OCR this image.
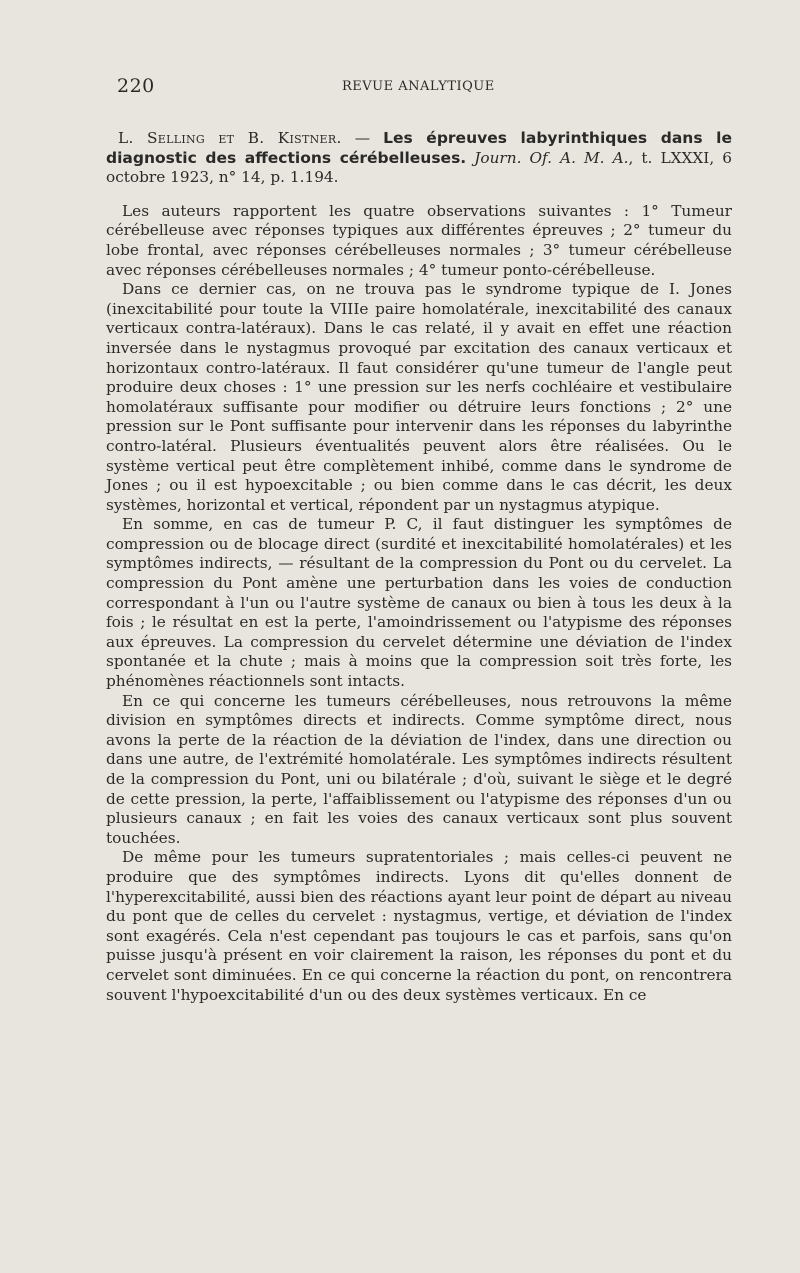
220	REVUE ANALYTIQUE

L. Selling et B. Kistner. — Les épreuves labyrinthiques dans le diagnostic des affections cérébelleuses. Journ. Of. A. M. A., t. LXXXI, 6 octobre 1923, n° 14, p. 1.194.

Les auteurs rapportent les quatre observations suivantes : 1° Tumeur cérébelleuse avec réponses typiques aux différentes épreuves ; 2° tumeur du lobe frontal, avec réponses cérébelleuses normales ; 3° tumeur cérébelleuse avec réponses cérébelleuses normales ; 4° tumeur ponto-cérébelleuse.

Dans ce dernier cas, on ne trouva pas le syndrome typique de I. Jones (inexcitabilité pour toute la VIIIe paire homolatérale, inexcitabilité des canaux verticaux contra-latéraux). Dans le cas relaté, il y avait en effet une réaction inversée dans le nystagmus provoqué par excitation des canaux verticaux et horizontaux contro-latéraux. Il faut considérer qu'une tumeur de l'angle peut produire deux choses : 1° une pression sur les nerfs cochléaire et vestibulaire homolatéraux suffisante pour modifier ou détruire leurs fonctions ; 2° une pression sur le Pont suffisante pour intervenir dans les réponses du labyrinthe contro-latéral. Plusieurs éventualités peuvent alors être réalisées. Ou le système vertical peut être complètement inhibé, comme dans le syndrome de Jones ; ou il est hypoexcitable ; ou bien comme dans le cas décrit, les deux systèmes, horizontal et vertical, répondent par un nystagmus atypique.

En somme, en cas de tumeur P. C, il faut distinguer les symptômes de compression ou de blocage direct (surdité et inexcitabilité homolatérales) et les symptômes indirects, — résultant de la compression du Pont ou du cervelet. La compression du Pont amène une perturbation dans les voies de conduction correspondant à l'un ou l'autre système de canaux ou bien à tous les deux à la fois ; le résultat en est la perte, l'amoindrissement ou l'atypisme des réponses aux épreuves. La compression du cervelet détermine une déviation de l'index spontanée et la chute ; mais à moins que la compression soit très forte, les phénomènes réactionnels sont intacts.

En ce qui concerne les tumeurs cérébelleuses, nous retrouvons la même division en symptômes directs et indirects. Comme symptôme direct, nous avons la perte de la réaction de la déviation de l'index, dans une direction ou dans une autre, de l'extrémité homolatérale. Les symptômes indirects résultent de la compression du Pont, uni ou bilatérale ; d'où, suivant le siège et le degré de cette pression, la perte, l'affaiblissement ou l'atypisme des réponses d'un ou plusieurs canaux ; en fait les voies des canaux verticaux sont plus souvent touchées.

De même pour les tumeurs supratentoriales ; mais celles-ci peuvent ne produire que des symptômes indirects. Lyons dit qu'elles donnent de l'hyperexcitabilité, aussi bien des réactions ayant leur point de départ au niveau du pont que de celles du cervelet : nystagmus, vertige, et déviation de l'index sont exagérés. Cela n'est cependant pas toujours le cas et parfois, sans qu'on puisse jusqu'à présent en voir clairement la raison, les réponses du pont et du cervelet sont diminuées. En ce qui concerne la réaction du pont, on rencontrera souvent l'hypoexcitabilité d'un ou des deux systèmes verticaux. En ce
